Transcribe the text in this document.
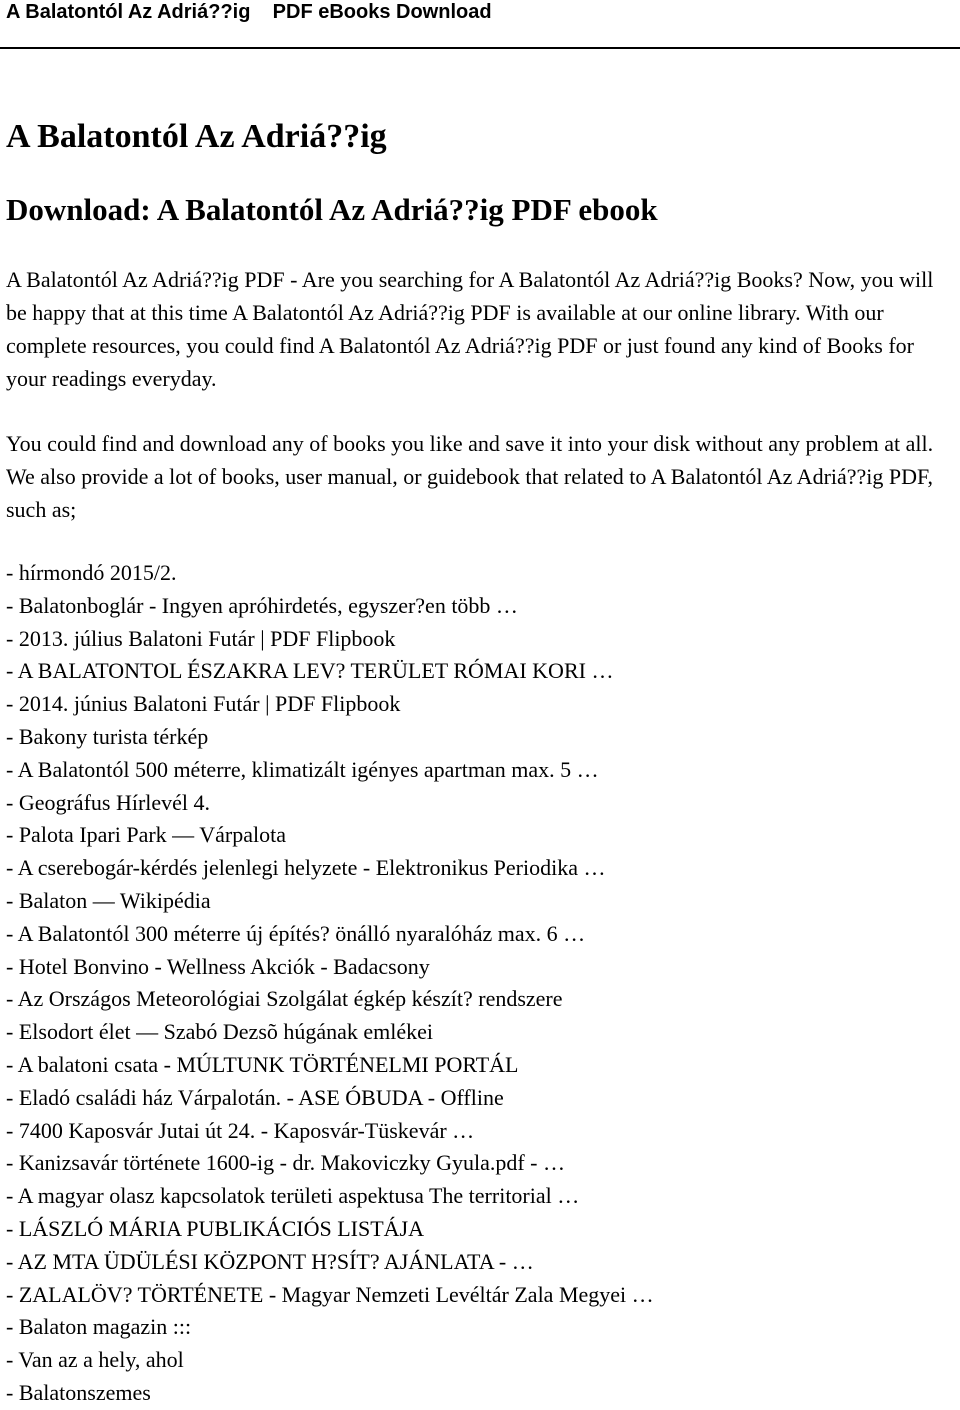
A Balatontól Az Adriá??ig    PDF eBooks Download
A Balatontól Az Adriá??ig
Download: A Balatontól Az Adriá??ig PDF ebook

A Balatontól Az Adriá??ig PDF - Are you searching for A Balatontól Az Adriá??ig Books? Now, you will be happy that at this time A Balatontól Az Adriá??ig PDF is available at our online library. With our complete resources, you could find A Balatontól Az Adriá??ig PDF or just found any kind of Books for your readings everyday.

You could find and download any of books you like and save it into your disk without any problem at all. We also provide a lot of books, user manual, or guidebook that related to A Balatontól Az Adriá??ig PDF, such as;

- hírmondó 2015/2.
- Balatonboglár - Ingyen apróhirdetés, egyszer?en több …
- 2013. július Balatoni Futár | PDF Flipbook
- A BALATONTOL ÉSZAKRA LEV? TERÜLET RÓMAI KORI …
- 2014. június Balatoni Futár | PDF Flipbook
- Bakony turista térkép
- A Balatontól 500 méterre, klimatizált igényes apartman max. 5 …
- Geográfus Hírlevél 4.
- Palota Ipari Park — Várpalota
- A cserebogár-kérdés jelenlegi helyzete - Elektronikus Periodika …
- Balaton — Wikipédia
- A Balatontól 300 méterre új építés? önálló nyaralóház max. 6 …
- Hotel Bonvino - Wellness Akciók - Badacsony
- Az Országos Meteorológiai Szolgálat égkép készít? rendszere
- Elsodort élet — Szabó Dezsõ húgának emlékei
- A balatoni csata - MÚLTUNK TÖRTÉNELMI PORTÁL
- Eladó családi ház Várpalotán. - ASE ÓBUDA - Offline
- 7400 Kaposvár Jutai út 24. - Kaposvár-Tüskevár …
- Kanizsavár története 1600-ig - dr. Makoviczky Gyula.pdf - …
- A magyar olasz kapcsolatok területi aspektusa The territorial …
- LÁSZLÓ MÁRIA PUBLIKÁCIÓS LISTÁJA
- AZ MTA ÜDÜLÉSI KÖZPONT H?SÍT? AJÁNLATA - …
- ZALALÖV? TÖRTÉNETE - Magyar Nemzeti Levéltár Zala Megyei …
- Balaton magazin :::
- Van az a hely, ahol
- Balatonszemes
